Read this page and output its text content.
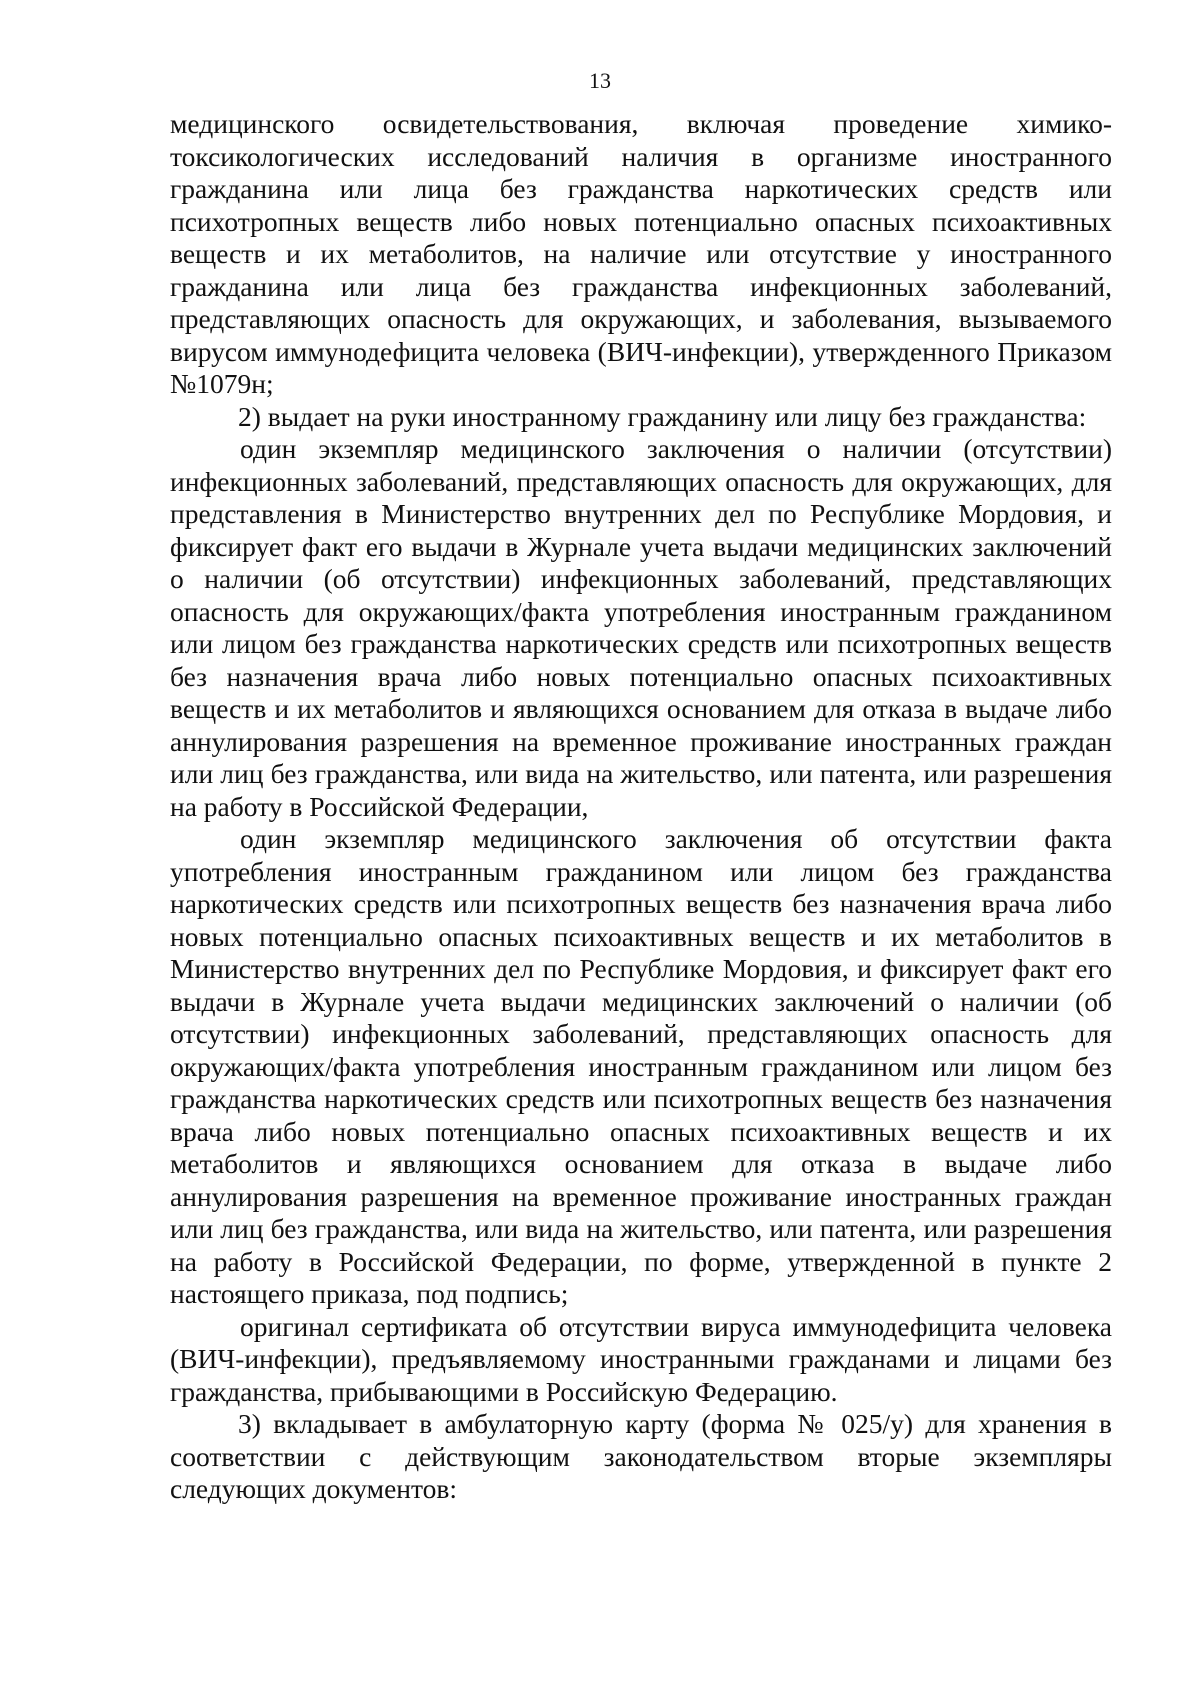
13

медицинского освидетельствования, включая проведение химико-токсикологических исследований наличия в организме иностранного гражданина или лица без гражданства наркотических средств или психотропных веществ либо новых потенциально опасных психоактивных веществ и их метаболитов, на наличие или отсутствие у иностранного гражданина или лица без гражданства инфекционных заболеваний, представляющих опасность для окружающих, и заболевания, вызываемого вирусом иммунодефицита человека (ВИЧ-инфекции), утвержденного Приказом №1079н;

2) выдает на руки иностранному гражданину или лицу без гражданства:

один экземпляр медицинского заключения о наличии (отсутствии) инфекционных заболеваний, представляющих опасность для окружающих, для представления в Министерство внутренних дел по Республике Мордовия, и фиксирует факт его выдачи в Журнале учета выдачи медицинских заключений о наличии (об отсутствии) инфекционных заболеваний, представляющих опасность для окружающих/факта употребления иностранным гражданином или лицом без гражданства наркотических средств или психотропных веществ без назначения врача либо новых потенциально опасных психоактивных веществ и их метаболитов и являющихся основанием для отказа в выдаче либо аннулирования разрешения на временное проживание иностранных граждан или лиц без гражданства, или вида на жительство, или патента, или разрешения на работу в Российской Федерации,

один экземпляр медицинского заключения об отсутствии факта употребления иностранным гражданином или лицом без гражданства наркотических средств или психотропных веществ без назначения врача либо новых потенциально опасных психоактивных веществ и их метаболитов в Министерство внутренних дел по Республике Мордовия, и фиксирует факт его выдачи в Журнале учета выдачи медицинских заключений о наличии (об отсутствии) инфекционных заболеваний, представляющих опасность для окружающих/факта употребления иностранным гражданином или лицом без гражданства наркотических средств или психотропных веществ без назначения врача либо новых потенциально опасных психоактивных веществ и их метаболитов и являющихся основанием для отказа в выдаче либо аннулирования разрешения на временное проживание иностранных граждан или лиц без гражданства, или вида на жительство, или патента, или разрешения на работу в Российской Федерации, по форме, утвержденной в пункте 2 настоящего приказа, под подпись;

оригинал сертификата об отсутствии вируса иммунодефицита человека (ВИЧ-инфекции), предъявляемому иностранными гражданами и лицами без гражданства, прибывающими в Российскую Федерацию.

3) вкладывает в амбулаторную карту (форма № 025/у) для хранения в соответствии с действующим законодательством вторые экземпляры следующих документов:
